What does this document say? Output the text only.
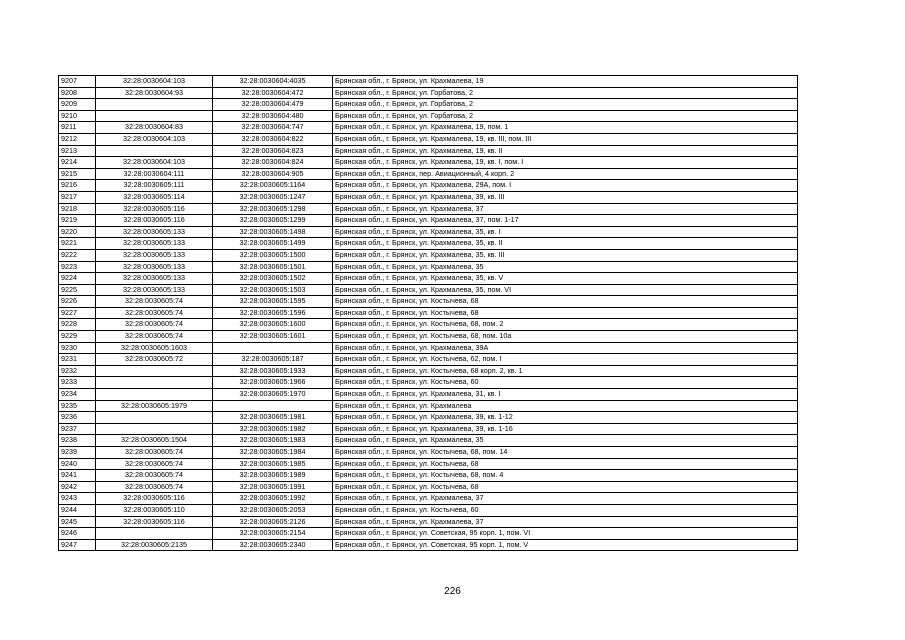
9207	32:28:0030604:103	32:28:0030604:4035	Брянская обл., г. Брянск, ул. Крахмалева, 19
9208	32:28:0030604:93	32:28:0030604:472	Брянская обл., г. Брянск, ул. Горбатова, 2
9209		32:28:0030604:479	Брянская обл., г. Брянск, ул. Горбатова, 2
9210		32:28:0030604:480	Брянская обл., г. Брянск, ул. Горбатова, 2
9211	32:28:0030604:83	32:28:0030604:747	Брянская обл., г. Брянск, ул. Крахмалева, 19, пом. 1
9212	32:28:0030604:103	32:28:0030604:822	Брянская обл., г. Брянск, ул. Крахмалева, 19, кв. III, пом. III
9213		32:28:0030604:823	Брянская обл., г. Брянск, ул. Крахмалева, 19, кв. II
9214	32:28:0030604:103	32:28:0030604:824	Брянская обл., г. Брянск, ул. Крахмалева, 19, кв. I, пом. I
9215	32:28:0030604:111	32:28:0030604:905	Брянская обл., г. Брянск, пер. Авиационный, 4 корп. 2
9216	32:28:0030605:111	32:28:0030605:1164	Брянская обл., г. Брянск, ул. Крахмалева, 29А, пом. I
9217	32:28:0030605:114	32:28:0030605:1247	Брянская обл., г. Брянск, ул. Крахмалева, 39, кв. III
9218	32:28:0030605:116	32:28:0030605:1298	Брянская обл., г. Брянск, ул. Крахмалева, 37
9219	32:28:0030605:116	32:28:0030605:1299	Брянская обл., г. Брянск, ул. Крахмалева, 37, пом. 1-17
9220	32:28:0030605:133	32:28:0030605:1498	Брянская обл., г. Брянск, ул. Крахмалева, 35, кв. I
9221	32:28:0030605:133	32:28:0030605:1499	Брянская обл., г. Брянск, ул. Крахмалева, 35, кв. II
9222	32:28:0030605:133	32:28:0030605:1500	Брянская обл., г. Брянск, ул. Крахмалева, 35, кв. III
9223	32:28:0030605:133	32:28:0030605:1501	Брянская обл., г. Брянск, ул. Крахмалева, 35
9224	32:28:0030605:133	32:28:0030605:1502	Брянская обл., г. Брянск, ул. Крахмалева, 35, кв. V
9225	32:28:0030605:133	32:28:0030605:1503	Брянская обл., г. Брянск, ул. Крахмалева, 35, пом. VI
9226	32:28:0030605:74	32:28:0030605:1595	Брянская обл., г. Брянск, ул. Костычева, 68
9227	32:28:0030605:74	32:28:0030605:1596	Брянская обл., г. Брянск, ул. Костычева, 68
9228	32:28:0030605:74	32:28:0030605:1600	Брянская обл., г. Брянск, ул. Костычева, 68, пом. 2
9229	32:28:0030605:74	32:28:0030605:1601	Брянская обл., г. Брянск, ул. Костычева, 68, пом. 10а
9230	32:28:0030605:1603		Брянская обл., г. Брянск, ул. Крахмалева, 39А
9231	32:28:0030605:72	32:28:0030605:187	Брянская обл., г. Брянск, ул. Костычева, 62, пом. I
9232		32:28:0030605:1933	Брянская обл., г. Брянск, ул. Костычева, 68 корп. 2, кв. 1
9233		32:28:0030605:1966	Брянская обл., г. Брянск, ул. Костычева, 60
9234		32:28:0030605:1970	Брянская обл., г. Брянск, ул. Крахмалева, 31, кв. I
9235	32:28:0030605:1979		Брянская обл., г. Брянск, ул. Крахмалева
9236		32:28:0030605:1981	Брянская обл., г. Брянск, ул. Крахмалева, 39, кв. 1-12
9237		32:28:0030605:1982	Брянская обл., г. Брянск, ул. Крахмалева, 39, кв. 1-16
9238	32:28:0030605:1504	32:28:0030605:1983	Брянская обл., г. Брянск, ул. Крахмалева, 35
9239	32:28:0030605:74	32:28:0030605:1984	Брянская обл., г. Брянск, ул. Костычева, 68, пом. 14
9240	32:28:0030605:74	32:28:0030605:1985	Брянская обл., г. Брянск, ул. Костычева, 68
9241	32:28:0030605:74	32:28:0030605:1989	Брянская обл., г. Брянск, ул. Костычева, 68, пом. 4
9242	32:28:0030605:74	32:28:0030605:1991	Брянская обл., г. Брянск, ул. Костычева, 68
9243	32:28:0030605:116	32:28:0030605:1992	Брянская обл., г. Брянск, ул. Крахмалева, 37
9244	32:28:0030605:110	32:28:0030605:2053	Брянская обл., г. Брянск, ул. Костычева, 60
9245	32:28:0030605:116	32:28:0030605:2126	Брянская обл., г. Брянск, ул. Крахмалева, 37
9246		32:28:0030605:2154	Брянская обл., г. Брянск, ул. Советская, 95 корп. 1, пом. VI
9247	32:28:0030605:2135	32:28:0030605:2340	Брянская обл., г. Брянск, ул. Советская, 95 корп. 1, пом. V
226
